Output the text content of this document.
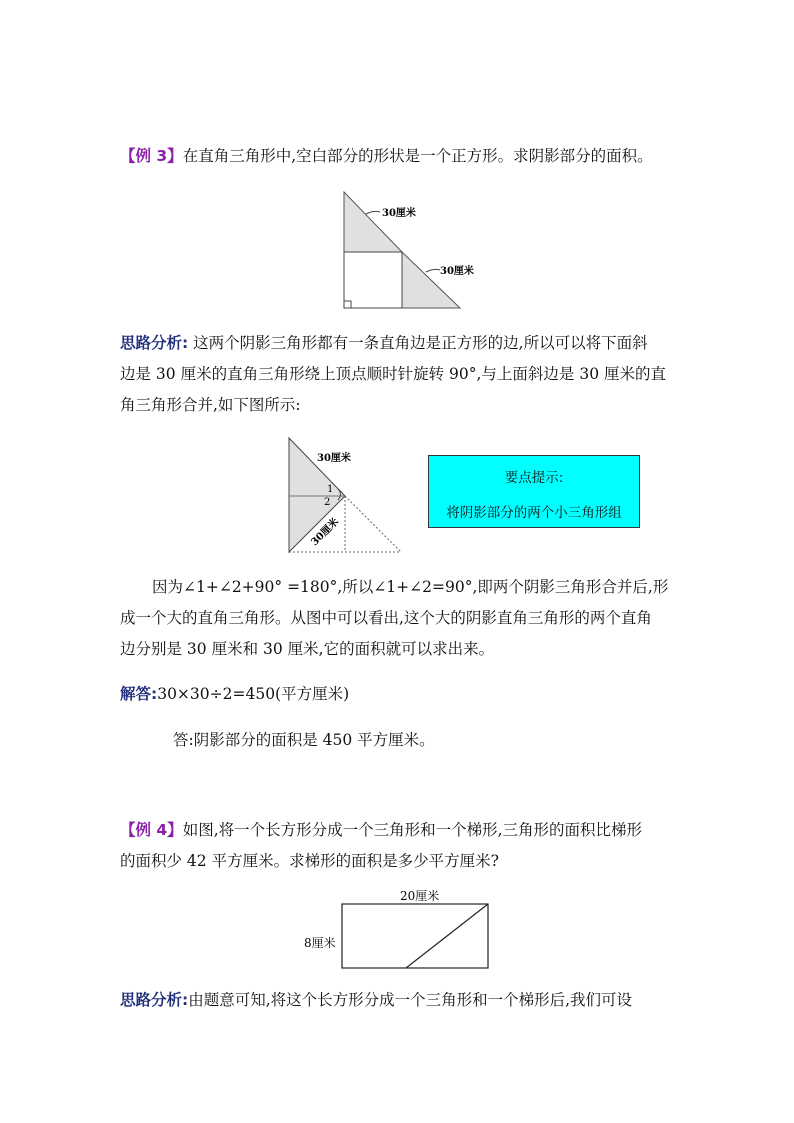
【例 3】在直角三角形中,空白部分的形状是一个正方形。求阴影部分的面积。
30厘米
30厘米
思路分析: 这两个阴影三角形都有一条直角边是正方形的边,所以可以将下面斜
边是 30 厘米的直角三角形绕上顶点顺时针旋转 90°,与上面斜边是 30 厘米的直
角三角形合并,如下图所示:
30厘米
1
2
30厘米
要点提示:
将阴影部分的两个小三角形组
因为∠1+∠2+90° =180°,所以∠1+∠2=90°,即两个阴影三角形合并后,形
成一个大的直角三角形。从图中可以看出,这个大的阴影直角三角形的两个直角
边分别是 30 厘米和 30 厘米,它的面积就可以求出来。
解答:30×30÷2=450(平方厘米)
答:阴影部分的面积是 450 平方厘米。
【例 4】如图,将一个长方形分成一个三角形和一个梯形,三角形的面积比梯形
的面积少 42 平方厘米。求梯形的面积是多少平方厘米?
20厘米
8厘米
思路分析:由题意可知,将这个长方形分成一个三角形和一个梯形后,我们可设
